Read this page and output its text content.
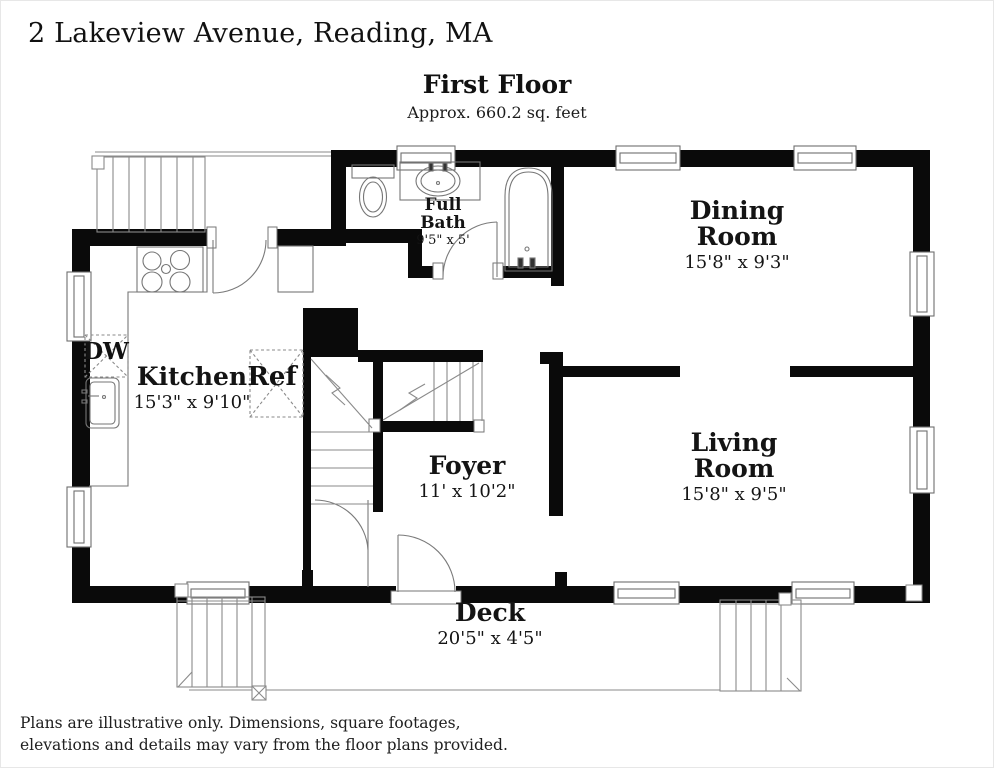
2 Lakeview Avenue, Reading, MA
First Floor
Approx. 660.2 sq. feet
Full
Bath
9'5" x 5'
Dining
Room
15'8" x 9'3"
Kitchen
15'3" x 9'10"
Living
Room
15'8" x 9'5"
Foyer
11' x 10'2"
Deck
20'5" x 4'5"
DW
Ref
Plans are illustrative only. Dimensions, square footages,
elevations and details may vary from the floor plans provided.
